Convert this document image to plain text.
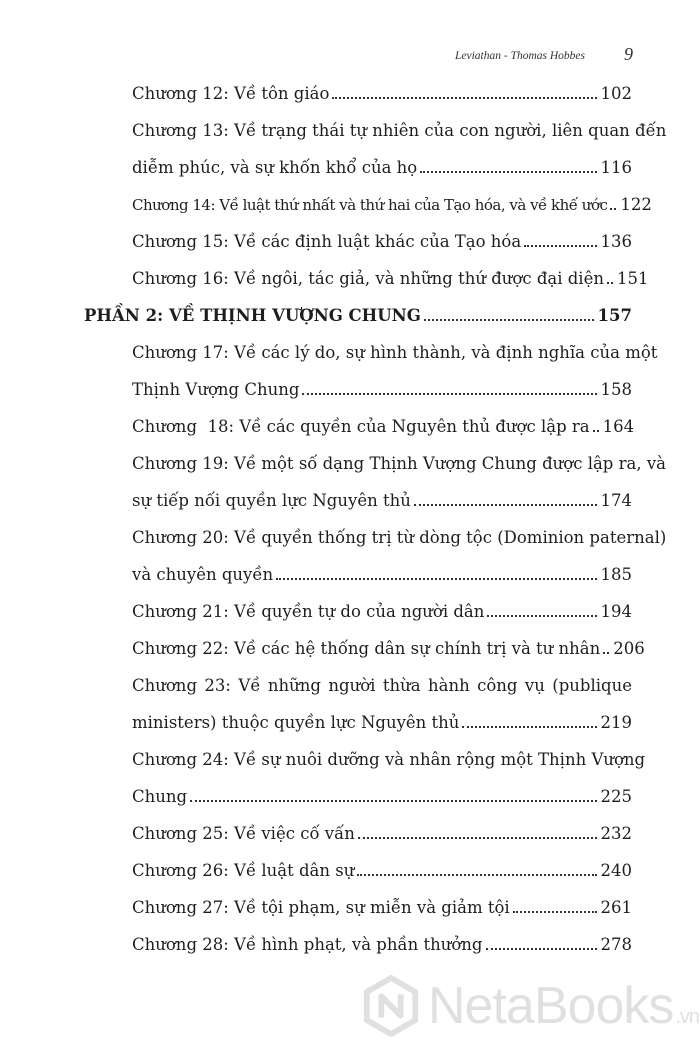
Leviathan - Thomas Hobbes 9
Chương 12: Về tôn giáo	102
Chương 13: Về trạng thái tự nhiên của con người, liên quan đến
diễm phúc, và sự khốn khổ của họ	116
Chương 14: Về luật thứ nhất và thứ hai của Tạo hóa, và về khế ước 122
Chương 15: Về các định luật khác của Tạo hóa	136
Chương 16: Về ngôi, tác giả, và những thứ được đại diện 151
PHẦN 2: VỀ THỊNH VƯỢNG CHUNG	157
Chương 17: Về các lý do, sự hình thành, và định nghĩa của một
Thịnh Vượng Chung	158
Chương  18: Về các quyền của Nguyên thủ được lập ra 164
Chương 19: Về một số dạng Thịnh Vượng Chung được lập ra, và
sự tiếp nối quyền lực Nguyên thủ	174
Chương 20: Về quyền thống trị từ dòng tộc (Dominion paternal)
và chuyên quyền	185
Chương 21: Về quyền tự do của người dân	194
Chương 22: Về các hệ thống dân sự chính trị và tư nhân 206
Chương 23: Về những người thừa hành công vụ (publique
ministers) thuộc quyền lực Nguyên thủ	219
Chương 24: Về sự nuôi dưỡng và nhân rộng một Thịnh Vượng
Chung	225
Chương 25: Về việc cố vấn	232
Chương 26: Về luật dân sự	240
Chương 27: Về tội phạm, sự miễn và giảm tội	261
Chương 28: Về hình phạt, và phần thưởng	278
NetaBooks .vn
